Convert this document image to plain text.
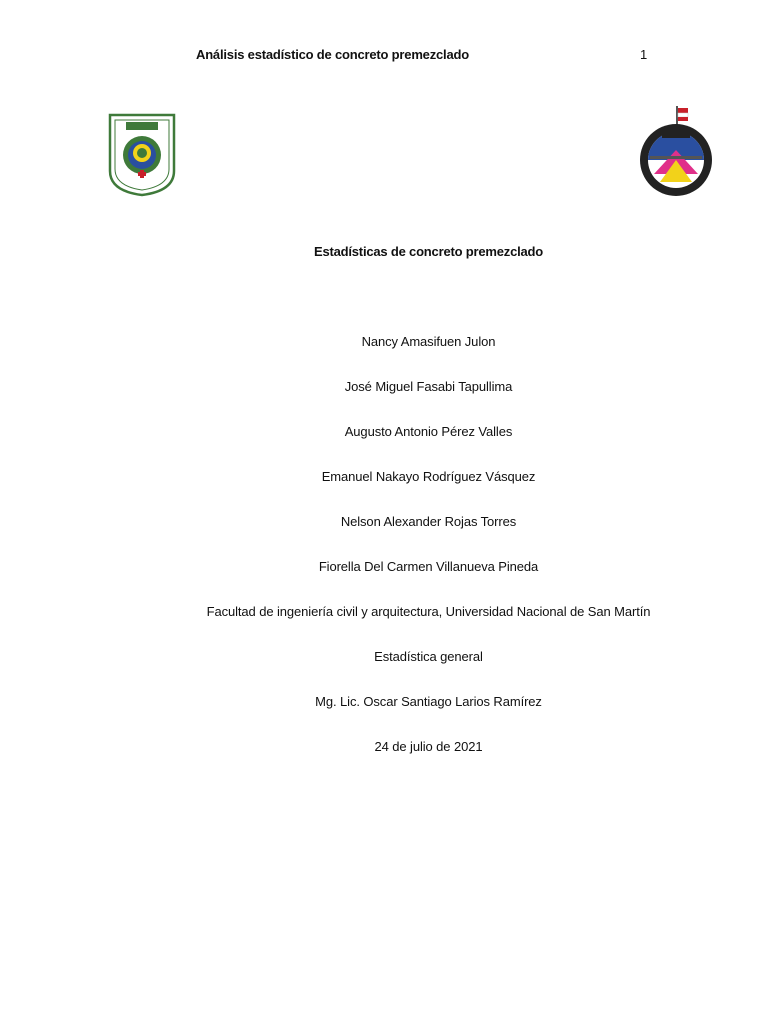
Análisis estadístico de concreto premezclado	1
Estadísticas de concreto premezclado
Nancy Amasifuen Julon
José Miguel Fasabi Tapullima
Augusto Antonio Pérez Valles
Emanuel Nakayo Rodríguez Vásquez
Nelson Alexander Rojas Torres
Fiorella Del Carmen Villanueva Pineda
Facultad de ingeniería civil y arquitectura, Universidad Nacional de San Martín
Estadística general
Mg. Lic. Oscar Santiago Larios Ramírez
24 de julio de 2021
